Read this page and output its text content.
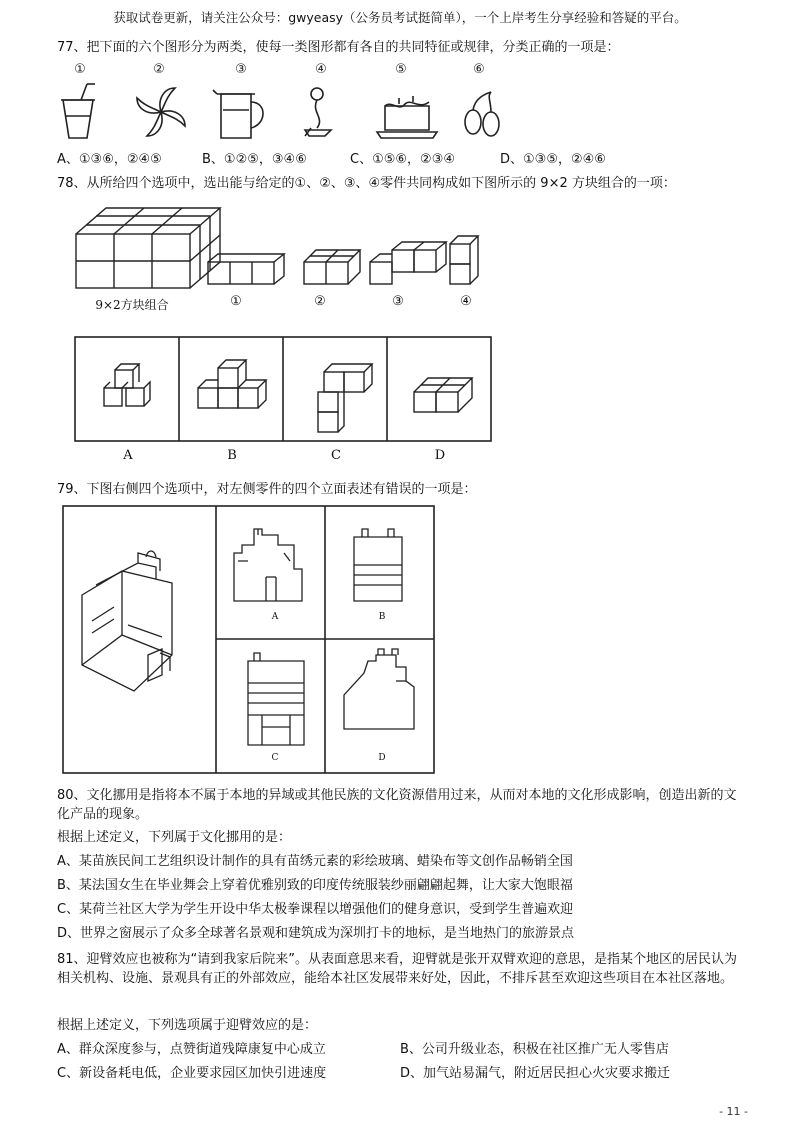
获取试卷更新，请关注公众号：gwyeasy（公务员考试挺简单），一个上岸考生分享经验和答疑的平台。
77、把下面的六个图形分为两类，使每一类图形都有各自的共同特征或规律，分类正确的一项是：
①	②	③	④	⑤	⑥
A、①③⑥，②④⑤	B、①②⑤，③④⑥	C、①⑤⑥，②③④	D、①③⑤，②④⑥
78、从所给四个选项中，选出能与给定的①、②、③、④零件共同构成如下图所示的 9×2 方块组合的一项：
9×2方块组合	①	②	③	④
A	B	C	D
79、下图右侧四个选项中，对左侧零件的四个立面表述有错误的一项是：
A	B
C	D
80、文化挪用是指将本不属于本地的异域或其他民族的文化资源借用过来，从而对本地的文化形成影响，创造出新的文化产品的现象。
根据上述定义，下列属于文化挪用的是：
A、某苗族民间工艺组织设计制作的具有苗绣元素的彩绘玻璃、蜡染布等文创作品畅销全国
B、某法国女生在毕业舞会上穿着优雅别致的印度传统服装纱丽翩翩起舞，让大家大饱眼福
C、某荷兰社区大学为学生开设中华太极拳课程以增强他们的健身意识，受到学生普遍欢迎
D、世界之窗展示了众多全球著名景观和建筑成为深圳打卡的地标，是当地热门的旅游景点
81、迎臂效应也被称为“请到我家后院来”。从表面意思来看，迎臂就是张开双臂欢迎的意思，是指某个地区的居民认为相关机构、设施、景观具有正的外部效应，能给本社区发展带来好处，因此，不排斥甚至欢迎这些项目在本社区落地。
根据上述定义，下列选项属于迎臂效应的是：
A、群众深度参与，点赞街道残障康复中心成立	B、公司升级业态，积极在社区推广无人零售店
C、新设备耗电低，企业要求园区加快引进速度	D、加气站易漏气，附近居民担心火灾要求搬迁
- 11 -
